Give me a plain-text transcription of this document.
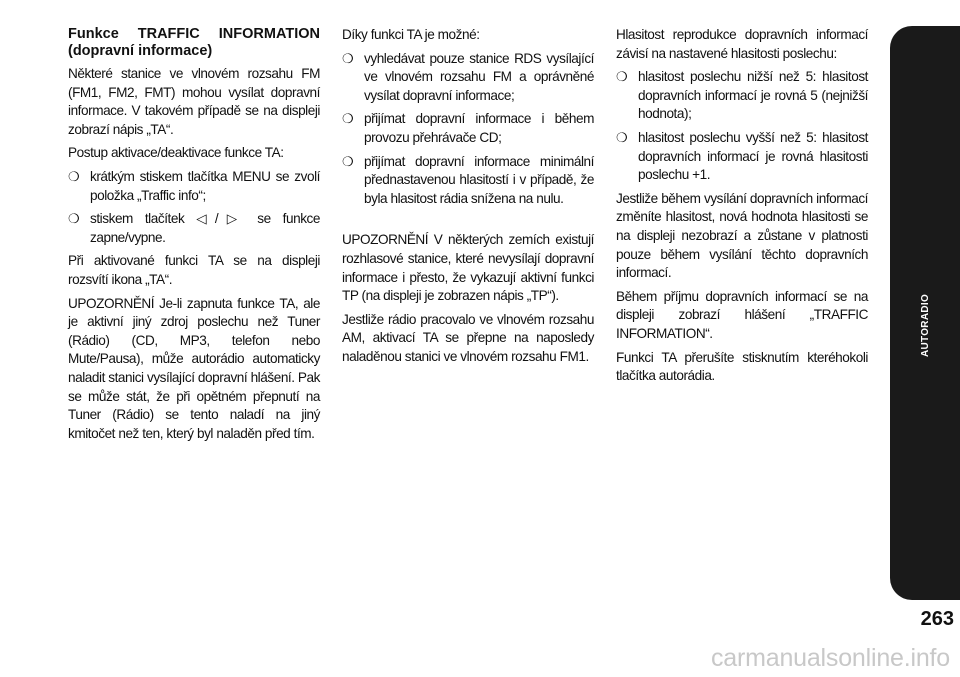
Funkce TRAFFIC INFORMATION (dopravní informace)

Některé stanice ve vlnovém rozsahu FM (FM1, FM2, FMT) mohou vysílat dopravní informace. V takovém případě se na displeji zobrazí nápis „TA“.

Postup aktivace/deaktivace funkce TA:

❍ krátkým stiskem tlačítka MENU se zvolí položka „Traffic info“;
❍ stiskem tlačítek ◁/▷ se funkce zapne/vypne.

Při aktivované funkci TA se na displeji rozsvítí ikona „TA“.

UPOZORNĚNÍ Je-li zapnuta funkce TA, ale je aktivní jiný zdroj poslechu než Tuner (Rádio) (CD, MP3, telefon nebo Mute/Pausa), může autorádio automaticky naladit stanici vysílající dopravní hlášení. Pak se může stát, že při opětném přepnutí na Tuner (Rádio) se tento naladí na jiný kmitočet než ten, který byl naladěn před tím.

Díky funkci TA je možné:

❍ vyhledávat pouze stanice RDS vysílající ve vlnovém rozsahu FM a oprávněné vysílat dopravní informace;
❍ přijímat dopravní informace i během provozu přehrávače CD;
❍ přijímat dopravní informace minimální přednastavenou hlasitostí i v případě, že byla hlasitost rádia snížena na nulu.

UPOZORNĚNÍ V některých zemích existují rozhlasové stanice, které nevysílají dopravní informace i přesto, že vykazují aktivní funkci TP (na displeji je zobrazen nápis „TP“).

Jestliže rádio pracovalo ve vlnovém rozsahu AM, aktivací TA se přepne na naposledy naladěnou stanici ve vlnovém rozsahu FM1.

Hlasitost reprodukce dopravních informací závisí na nastavené hlasitosti poslechu:

❍ hlasitost poslechu nižší než 5: hlasitost dopravních informací je rovná 5 (nejnižší hodnota);
❍ hlasitost poslechu vyšší než 5: hlasitost dopravních informací je rovná hlasitosti poslechu +1.

Jestliže během vysílání dopravních informací změníte hlasitost, nová hodnota hlasitosti se na displeji nezobrazí a zůstane v platnosti pouze během vysílání těchto dopravních informací.

Během příjmu dopravních informací se na displeji zobrazí hlášení „TRAFFIC INFORMATION“.

Funkci TA přerušíte stisknutím kteréhokoli tlačítka autorádia.

AUTORADIO
263
carmanualsonline.info
